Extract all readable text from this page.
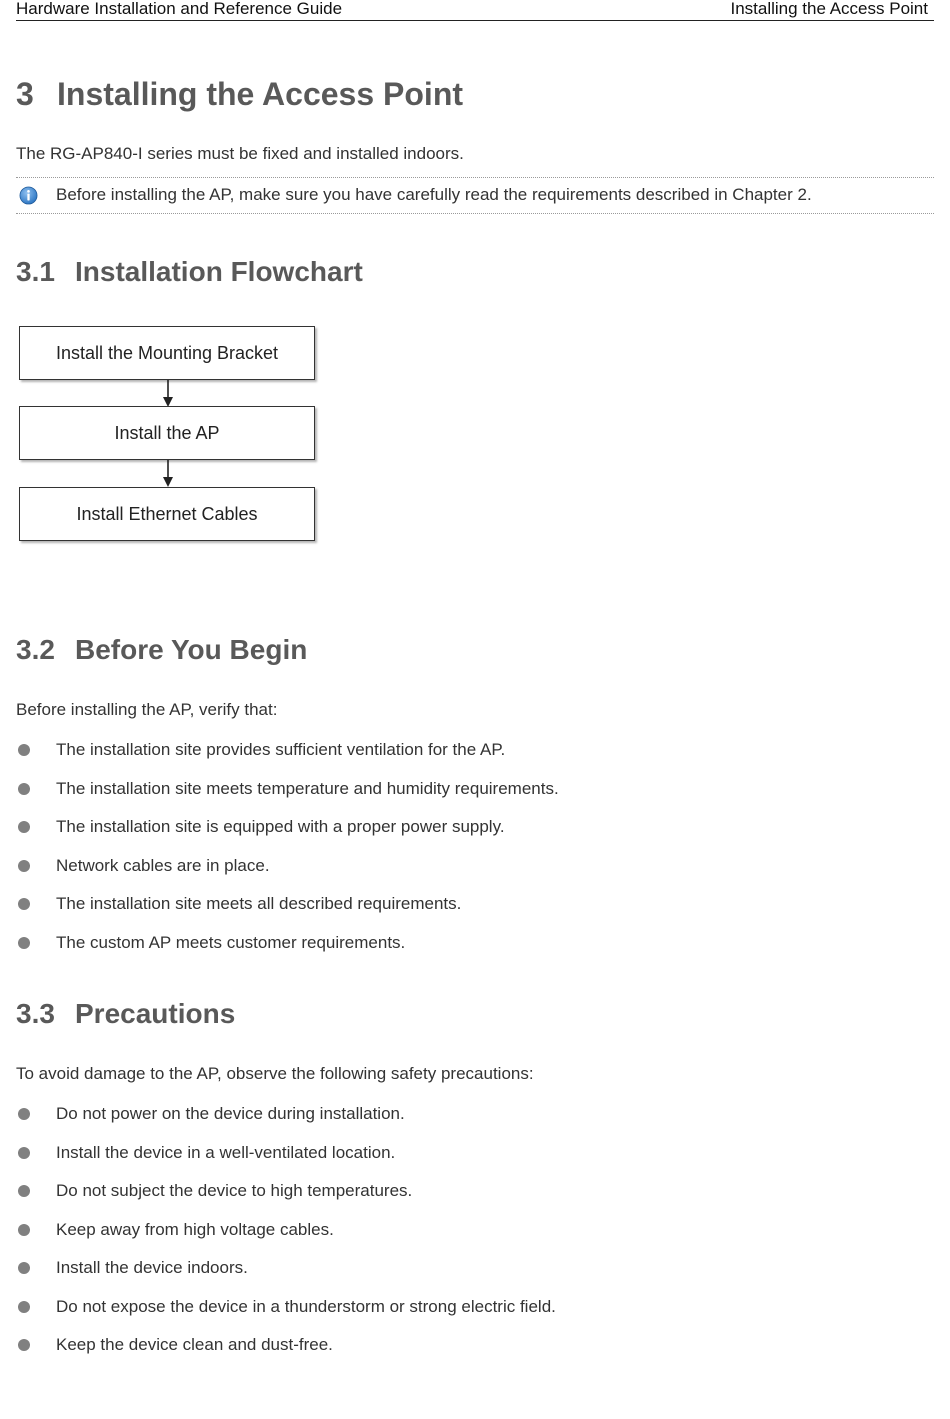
Hardware Installation and Reference Guide	Installing the Access Point
3 Installing the Access Point

The RG-AP840-I series must be fixed and installed indoors.

Before installing the AP, make sure you have carefully read the requirements described in Chapter 2.
3.1 Installation Flowchart
Install the Mounting Bracket
Install the AP
Install Ethernet Cables
3.2 Before You Begin

Before installing the AP, verify that:

The installation site provides sufficient ventilation for the AP.
The installation site meets temperature and humidity requirements.
The installation site is equipped with a proper power supply.
Network cables are in place.
The installation site meets all described requirements.
The custom AP meets customer requirements.
3.3 Precautions

To avoid damage to the AP, observe the following safety precautions:

Do not power on the device during installation.
Install the device in a well-ventilated location.
Do not subject the device to high temperatures.
Keep away from high voltage cables.
Install the device indoors.
Do not expose the device in a thunderstorm or strong electric field.
Keep the device clean and dust-free.
